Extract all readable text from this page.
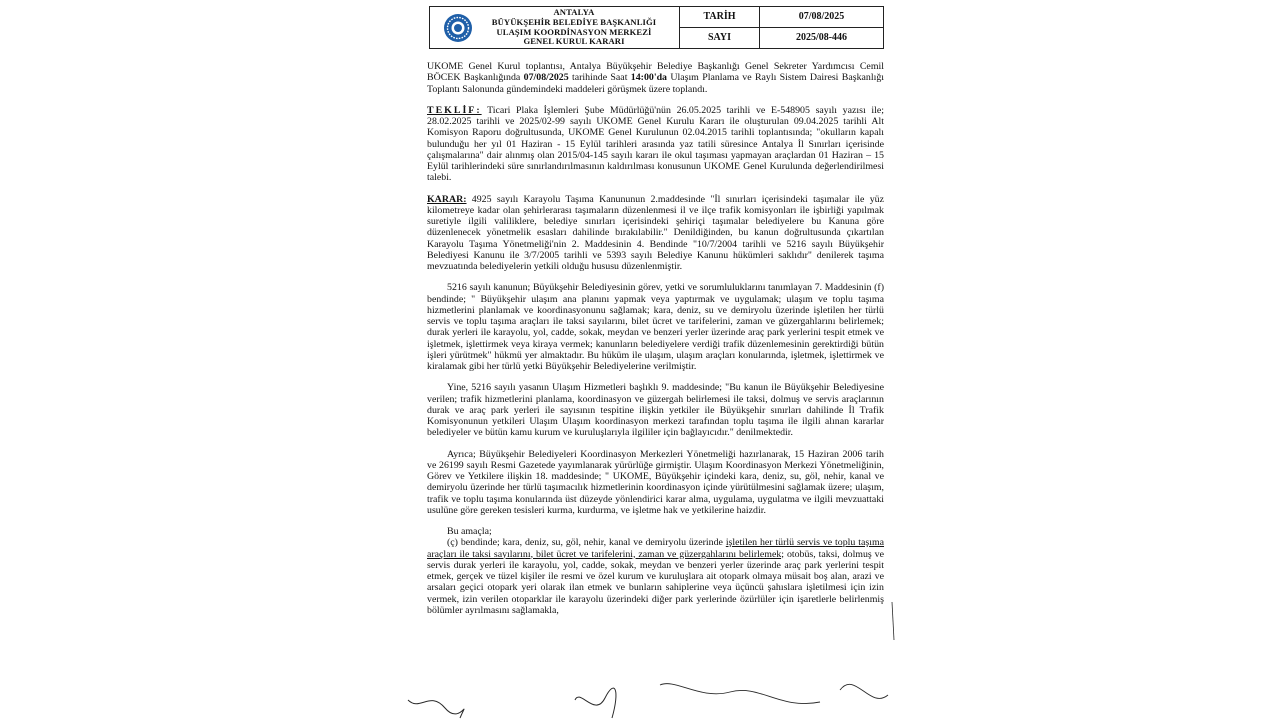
ANTALYA
BÜYÜKŞEHİR BELEDİYE BAŞKANLIĞI
ULAŞIM KOORDİNASYON MERKEZİ
GENEL KURUL KARARI
TARİH	07/08/2025
SAYI	2025/08-446

UKOME Genel Kurul toplantısı, Antalya Büyükşehir Belediye Başkanlığı Genel Sekreter Yardımcısı Cemil BÖCEK Başkanlığında 07/08/2025 tarihinde Saat 14:00'da Ulaşım Planlama ve Raylı Sistem Dairesi Başkanlığı Toplantı Salonunda gündemindeki maddeleri görüşmek üzere toplandı.

TEKLİF: Ticari Plaka İşlemleri Şube Müdürlüğü'nün 26.05.2025 tarihli ve E-548905 sayılı yazısı ile; 28.02.2025 tarihli ve 2025/02-99 sayılı UKOME Genel Kurulu Kararı ile oluşturulan 09.04.2025 tarihli Alt Komisyon Raporu doğrultusunda, UKOME Genel Kurulunun 02.04.2015 tarihli toplantısında; "okulların kapalı bulunduğu her yıl 01 Haziran - 15 Eylül tarihleri arasında yaz tatili süresince Antalya İl Sınırları içerisinde çalışmalarına" dair alınmış olan 2015/04-145 sayılı kararı ile okul taşıması yapmayan araçlardan 01 Haziran – 15 Eylül tarihlerindeki süre sınırlandırılmasının kaldırılması konusunun UKOME Genel Kurulunda değerlendirilmesi talebi.

KARAR: 4925 sayılı Karayolu Taşıma Kanununun 2.maddesinde "İl sınırları içerisindeki taşımalar ile yüz kilometreye kadar olan şehirlerarası taşımaların düzenlenmesi il ve ilçe trafik komisyonları ile işbirliği yapılmak suretiyle ilgili valiliklere, belediye sınırları içerisindeki şehiriçi taşımalar belediyelere bu Kanuna göre düzenlenecek yönetmelik esasları dahilinde bırakılabilir." Denildiğinden, bu kanun doğrultusunda çıkartılan Karayolu Taşıma Yönetmeliği'nin 2. Maddesinin 4. Bendinde "10/7/2004 tarihli ve 5216 sayılı Büyükşehir Belediyesi Kanunu ile 3/7/2005 tarihli ve 5393 sayılı Belediye Kanunu hükümleri saklıdır" denilerek taşıma mevzuatında belediyelerin yetkili olduğu hususu düzenlenmiştir.

5216 sayılı kanunun; Büyükşehir Belediyesinin görev, yetki ve sorumluluklarını tanımlayan 7. Maddesinin (f) bendinde; " Büyükşehir ulaşım ana planını yapmak veya yaptırmak ve uygulamak; ulaşım ve toplu taşıma hizmetlerini planlamak ve koordinasyonunu sağlamak; kara, deniz, su ve demiryolu üzerinde işletilen her türlü servis ve toplu taşıma araçları ile taksi sayılarını, bilet ücret ve tarifelerini, zaman ve güzergahlarını belirlemek; durak yerleri ile karayolu, yol, cadde, sokak, meydan ve benzeri yerler üzerinde araç park yerlerini tespit etmek ve işletmek, işlettirmek veya kiraya vermek; kanunların belediyelere verdiği trafik düzenlemesinin gerektirdiği bütün işleri yürütmek" hükmü yer almaktadır. Bu hüküm ile ulaşım, ulaşım araçları konularında, işletmek, işlettirmek ve kiralamak gibi her türlü yetki Büyükşehir Belediyelerine verilmiştir.

Yine, 5216 sayılı yasanın Ulaşım Hizmetleri başlıklı 9. maddesinde; "Bu kanun ile Büyükşehir Belediyesine verilen; trafik hizmetlerini planlama, koordinasyon ve güzergah belirlemesi ile taksi, dolmuş ve servis araçlarının durak ve araç park yerleri ile sayısının tespitine ilişkin yetkiler ile Büyükşehir sınırları dahilinde İl Trafik Komisyonunun yetkileri Ulaşım Ulaşım koordinasyon merkezi tarafından toplu taşıma ile ilgili alınan kararlar belediyeler ve bütün kamu kurum ve kuruluşlarıyla ilgililer için bağlayıcıdır." denilmektedir.

Ayrıca; Büyükşehir Belediyeleri Koordinasyon Merkezleri Yönetmeliği hazırlanarak, 15 Haziran 2006 tarih ve 26199 sayılı Resmi Gazetede yayımlanarak yürürlüğe girmiştir. Ulaşım Koordinasyon Merkezi Yönetmeliğinin, Görev ve Yetkilere ilişkin 18. maddesinde; " UKOME, Büyükşehir içindeki kara, deniz, su, göl, nehir, kanal ve demiryolu üzerinde her türlü taşımacılık hizmetlerinin koordinasyon içinde yürütülmesini sağlamak üzere; ulaşım, trafik ve toplu taşıma konularında üst düzeyde yönlendirici karar alma, uygulama, uygulatma ve ilgili mevzuattaki usulüne göre gereken tesisleri kurma, kurdurma, ve işletme hak ve yetkilerine haizdir.

Bu amaçla;

(ç) bendinde; kara, deniz, su, göl, nehir, kanal ve demiryolu üzerinde işletilen her türlü servis ve toplu taşıma araçları ile taksi sayılarını, bilet ücret ve tarifelerini, zaman ve güzergahlarını belirlemek; otobüs, taksi, dolmuş ve servis durak yerleri ile karayolu, yol, cadde, sokak, meydan ve benzeri yerler üzerinde araç park yerlerini tespit etmek, gerçek ve tüzel kişiler ile resmi ve özel kurum ve kuruluşlara ait otopark olmaya müsait boş alan, arazi ve arsaları geçici otopark yeri olarak ilan etmek ve bunların sahiplerine veya üçüncü şahıslara işletilmesi için izin vermek, izin verilen otoparklar ile karayolu üzerindeki diğer park yerlerinde özürlüler için işaretlerle belirlenmiş bölümler ayrılmasını sağlamakla,
